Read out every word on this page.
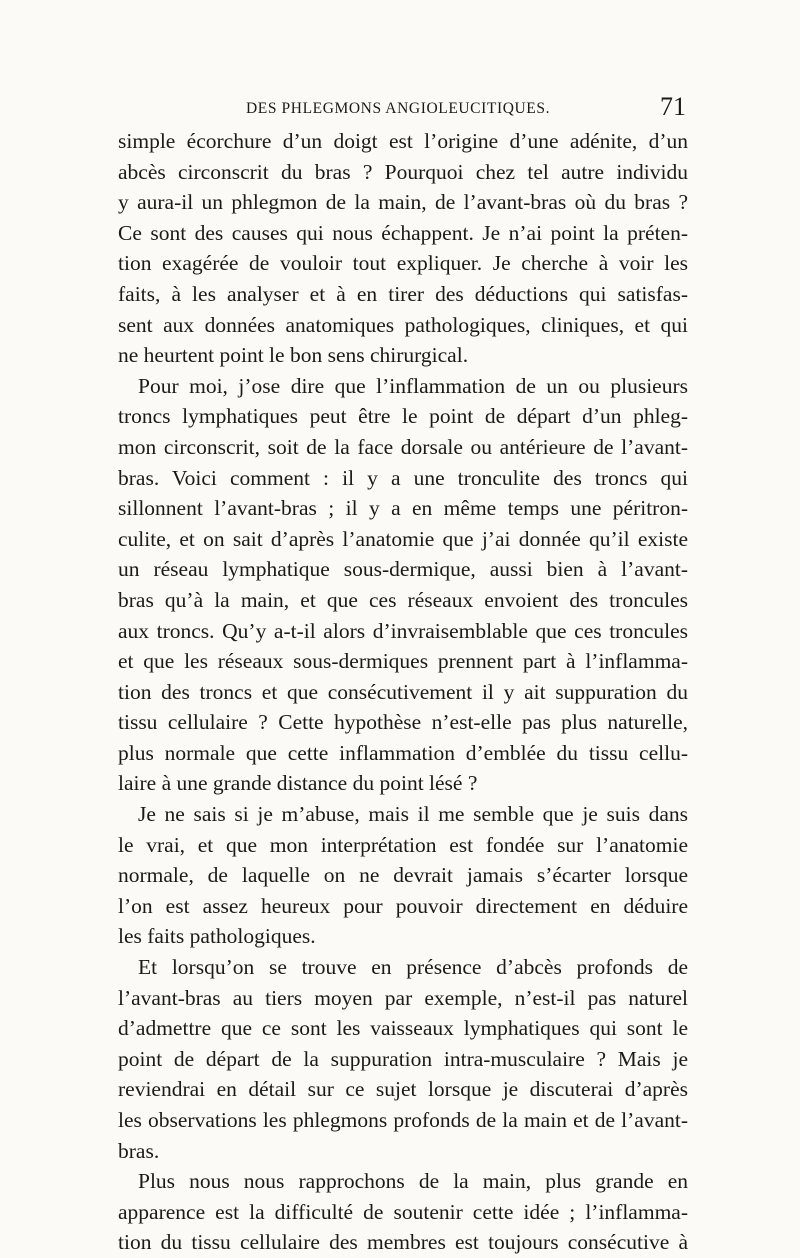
DES PHLEGMONS ANGIOLEUCITIQUES.	71
simple écorchure d’un doigt est l’origine d’une adénite, d’un
abcès circonscrit du bras ? Pourquoi chez tel autre individu
y aura-il un phlegmon de la main, de l’avant-bras où du bras ?
Ce sont des causes qui nous échappent. Je n’ai point la préten-
tion exagérée de vouloir tout expliquer. Je cherche à voir les
faits, à les analyser et à en tirer des déductions qui satisfas-
sent aux données anatomiques pathologiques, cliniques, et qui
ne heurtent point le bon sens chirurgical.
Pour moi, j’ose dire que l’inflammation de un ou plusieurs
troncs lymphatiques peut être le point de départ d’un phleg-
mon circonscrit, soit de la face dorsale ou antérieure de l’avant-
bras. Voici comment : il y a une tronculite des troncs qui
sillonnent l’avant-bras ; il y a en même temps une péritron-
culite, et on sait d’après l’anatomie que j’ai donnée qu’il existe
un réseau lymphatique sous-dermique, aussi bien à l’avant-
bras qu’à la main, et que ces réseaux envoient des troncules
aux troncs. Qu’y a-t-il alors d’invraisemblable que ces troncules
et que les réseaux sous-dermiques prennent part à l’inflamma-
tion des troncs et que consécutivement il y ait suppuration du
tissu cellulaire ? Cette hypothèse n’est-elle pas plus naturelle,
plus normale que cette inflammation d’emblée du tissu cellu-
laire à une grande distance du point lésé ?
Je ne sais si je m’abuse, mais il me semble que je suis dans
le vrai, et que mon interprétation est fondée sur l’anatomie
normale, de laquelle on ne devrait jamais s’écarter lorsque
l’on est assez heureux pour pouvoir directement en déduire
les faits pathologiques.
Et lorsqu’on se trouve en présence d’abcès profonds de
l’avant-bras au tiers moyen par exemple, n’est-il pas naturel
d’admettre que ce sont les vaisseaux lymphatiques qui sont le
point de départ de la suppuration intra-musculaire ? Mais je
reviendrai en détail sur ce sujet lorsque je discuterai d’après
les observations les phlegmons profonds de la main et de l’avant-
bras.
Plus nous nous rapprochons de la main, plus grande en
apparence est la difficulté de soutenir cette idée ; l’inflamma-
tion du tissu cellulaire des membres est toujours consécutive à
